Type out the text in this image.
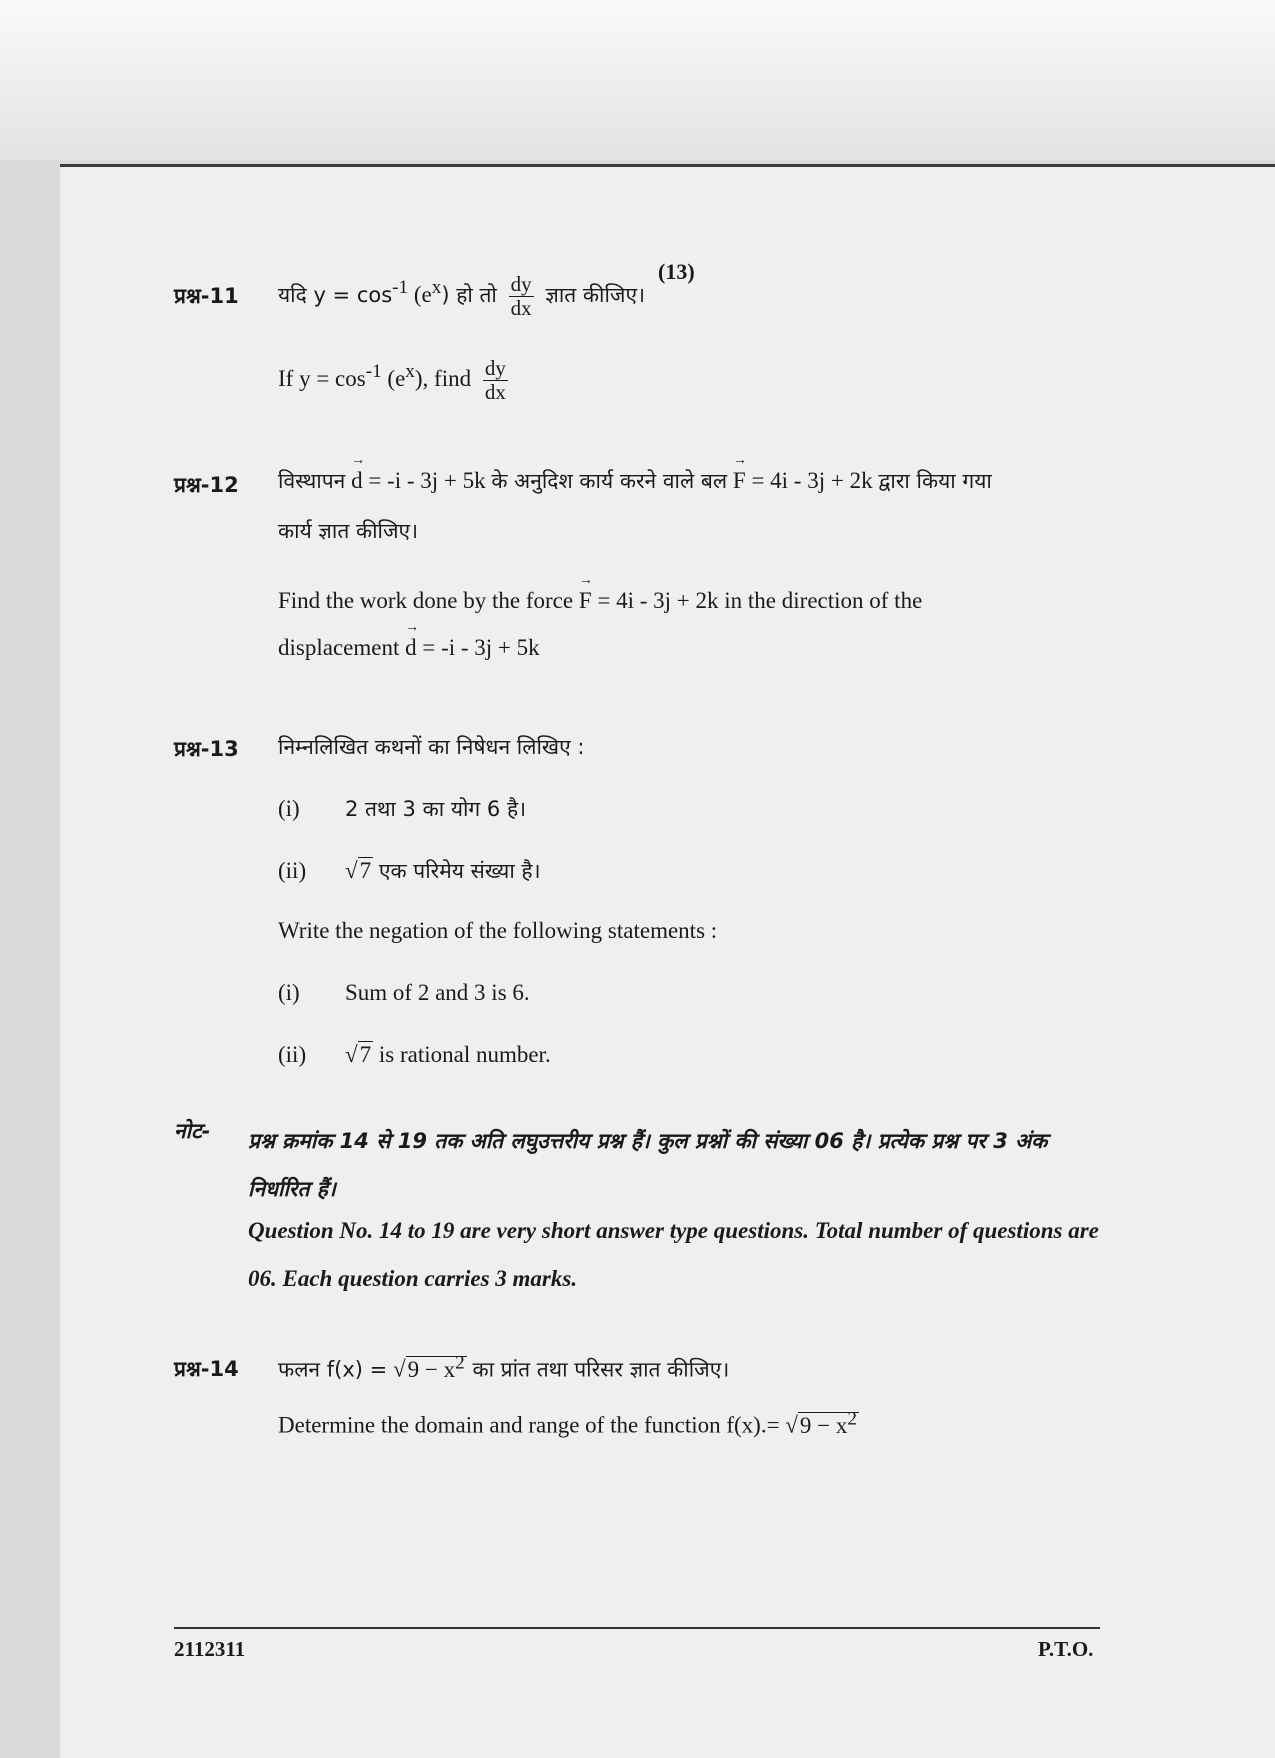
(13)
प्रश्न-11 यदि $y = \cos^{-1} (e^x)$ हो तो $\frac{dy}{dx}$ ज्ञात कीजिए।
If $y = \cos^{-1} (e^x)$, find $\frac{dy}{dx}$
प्रश्न-12 विस्थापन → d = -i - 3j + 5k के अनुदिश कार्य करने वाले बल → F = 4i - 3j + 2k द्वारा किया गया
कार्य ज्ञात कीजिए।
Find the work done by the force → F = 4i - 3j + 2k in the direction of the
displacement → d = -i - 3j + 5k
प्रश्न-13 निम्नलिखित कथनों का निषेधन लिखिए :
(i) 2 तथा 3 का योग 6 है।
(ii) √7 एक परिमेय संख्या है।
Write the negation of the following statements :
(i) Sum of 2 and 3 is 6.
(ii) √7 is rational number.
नोट- प्रश्न क्रमांक 14 से 19 तक अति लघुउत्तरीय प्रश्न हैं। कुल प्रश्नों की संख्या 06 है। प्रत्येक प्रश्न पर 3 अंक निर्धारित हैं।
Question No. 14 to 19 are very short answer type questions. Total number of questions are 06. Each question carries 3 marks.
प्रश्न-14 फलन $f(x) = √9 - x^2$ का प्रांत तथा परिसर ज्ञात कीजिए।
Determine the domain and range of the function $f(x).= √9 - x^2$
2112311	P.T.O.
